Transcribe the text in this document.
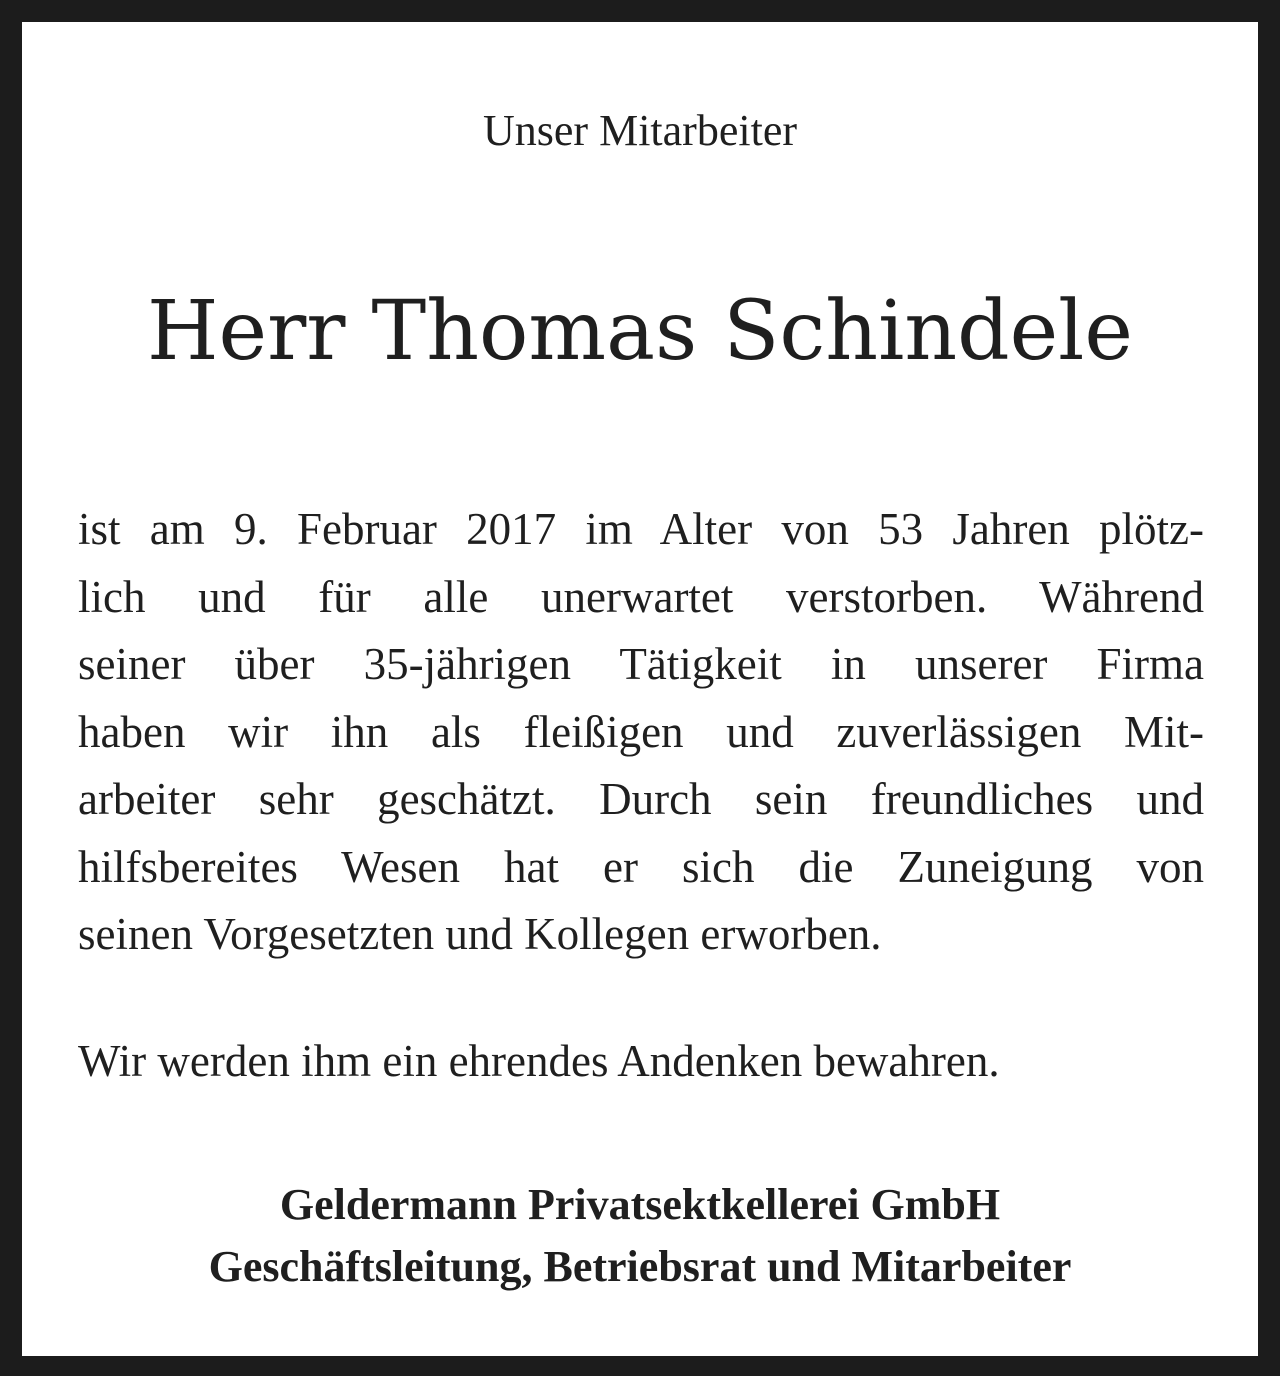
Unser Mitarbeiter
Herr Thomas Schindele
ist am 9. Februar 2017 im Alter von 53 Jahren plötz-
lich und für alle unerwartet verstorben. Während
seiner über 35-jährigen Tätigkeit in unserer Firma
haben wir ihn als fleißigen und zuverlässigen Mit-
arbeiter sehr geschätzt. Durch sein freundliches und
hilfsbereites Wesen hat er sich die Zuneigung von
seinen Vorgesetzten und Kollegen erworben.
Wir werden ihm ein ehrendes Andenken bewahren.
Geldermann Privatsektkellerei GmbH
Geschäftsleitung, Betriebsrat und Mitarbeiter
